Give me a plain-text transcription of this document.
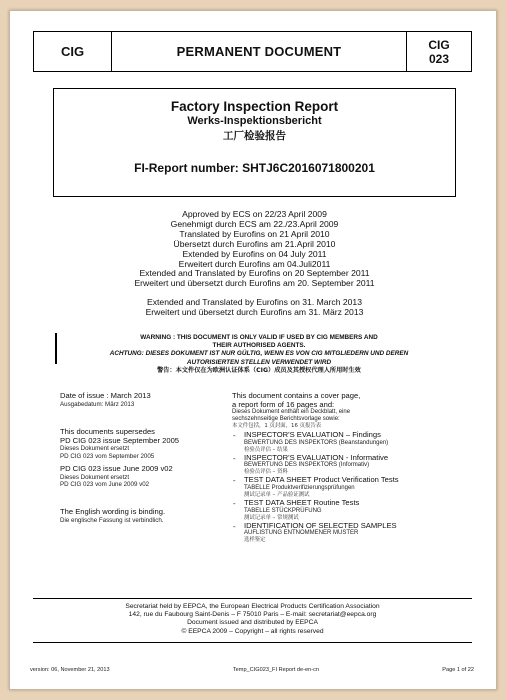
CIG	PERMANENT DOCUMENT	CIG
023
Factory Inspection Report
Werks-Inspektionsbericht
工厂检验报告
FI-Report number: SHTJ6C2016071800201
Approved by ECS on 22/23 April 2009
Genehmigt durch ECS am 22./23.April 2009
Translated by Eurofins on 21 April 2010
Übersetzt durch Eurofins am 21.April 2010
Extended by Eurofins on 04 July 2011
Erweitert durch Eurofins am 04.Juli2011
Extended and Translated by Eurofins on 20 September 2011
Erweitert und übersetzt durch Eurofins am 20. September 2011
Extended and Translated by Eurofins on 31. March 2013
Erweitert und übersetzt durch Eurofins am 31. März 2013
WARNING : THIS DOCUMENT IS ONLY VALID IF USED BY CIG MEMBERS AND
THEIR AUTHORISED AGENTS.
ACHTUNG: DIESES DOKUMENT IST NUR GÜLTIG, WENN ES VON CIG MITGLIEDERN UND DEREN
AUTORISIERTEN STELLEN VERWENDET WIRD
警告：本文件仅在为欧洲认证体系（CIG）成员及其授权代理人所用时生效
Date of issue : March 2013
Ausgabedatum: März 2013
This documents supersedes
PD CIG 023 issue September 2005
Dieses Dokument ersetzt
PD CIG 023 vom September 2005
PD CIG 023 issue June 2009 v02
Dieses Dokument ersetzt
PD CIG 023 vom June 2009 v02
The English wording is binding.
Die englische Fassung ist verbindlich.
This document contains a cover page,
a report form of 16 pages and:
Dieses Dokument enthält ein Deckblatt, eine
sechszehnseitige Berichtsvorlage sowie:
本文件包括，1 页封面，16 页报告表
- INSPECTOR'S EVALUATION – Findings
BEWERTUNG DES INSPEKTORS (Beanstandungen)
检验员评估 – 结果
- INSPECTOR'S EVALUATION - Informative
BEWERTUNG DES INSPEKTORS (Informativ)
检验员评估 – 资料
- TEST DATA SHEET Product Verification Tests
TABELLE Produktverifizierungsprüfungen
测试记录单 – 产品验证测试
- TEST DATA SHEET Routine Tests
TABELLE STÜCKPRÜFUNG
测试记录单 – 常规测试
- IDENTIFICATION OF SELECTED SAMPLES
AUFLISTUNG ENTNOMMENER MUSTER
选样鉴定
Secretariat held by EEPCA, the European Electrical Products Certification Association
142, rue du Faubourg Saint-Denis – F 75010 Paris – E-mail: secretariat@eepca.org
Document issued and distributed by EEPCA
© EEPCA 2009 – Copyright – all rights reserved
version: 06, November 21, 2013	Temp_CIG023_FI Report de-en-cn	Page 1 of 22
